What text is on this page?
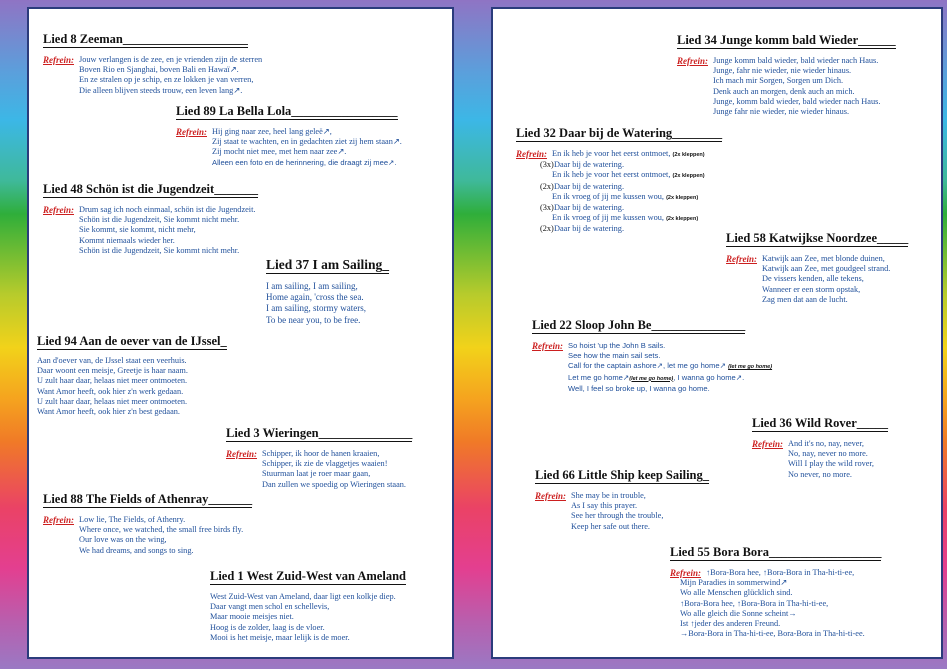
Lied 8 Zeeman____________________
Refrein: Jouw verlangen is de zee, en je vrienden zijn de sterren
Boven Rio en Sjanghai, boven Bali en Hawaï↗.
En ze stralen op je schip, en ze lokken je van verren,
Die alleen blijven steeds trouw, een leven lang↗.
Lied 89 La Bella Lola_________________
Refrein: Hij ging naar zee, heel lang geleë↗,
Zij staat te wachten, en in gedachten ziet zij hem staan↗.
Zij mocht niet mee, met hem naar zee↗.
Alleen een foto en de herinnering, die draagt zij mee↗.
Lied 48 Schön ist die Jugendzeit_______
Refrein: Drum sag ich noch einmaal, schön ist die Jugendzeit.
Schön ist die Jugendzeit, Sie kommt nicht mehr.
Sie kommt, sie kommt, nicht mehr,
Kommt niemaals wieder her.
Schön ist die Jugendzeit, Sie kommt nicht mehr.
Lied 37 I am Sailing_
I am sailing, I am sailing,
Home again, 'cross the sea.
I am sailing, stormy waters,
To be near you, to be free.
Lied 94 Aan de oever van de IJssel_
Aan d'oever van, de IJssel staat een veerhuis.
Daar woont een meisje, Greetje is haar naam.
U zult haar daar, helaas niet meer ontmoeten.
Want Amor heeft, ook hier z'n werk gedaan.
U zult haar daar, helaas niet meer ontmoeten.
Want Amor heeft, ook hier z'n best gedaan.
Lied 3 Wieringen_______________
Refrein: Schipper, ik hoor de hanen kraaien,
Schipper, ik zie de vlaggetjes waaien!
Stuurman laat je roer maar gaan,
Dan zullen we spoedig op Wieringen staan.
Lied 88 The Fields of Athenray_______
Refrein: Low lie, The Fields, of Athenry.
Where once, we watched, the small free birds fly.
Our love was on the wing,
We had dreams, and songs to sing.
Lied 1 West Zuid-West van Ameland
West Zuid-West van Ameland, daar ligt een kolkje diep.
Daar vangt men schol en schellevis,
Maar mooie meisjes niet.
Hoog is de zolder, laag is de vloer.
Mooi is het meisje, maar lelijk is de moer.
Lied 34 Junge komm bald Wieder______
Refrein: Junge komm bald wieder, bald wieder nach Haus.
Junge, fahr nie wieder, nie wieder hinaus.
Ich mach mir Sorgen, Sorgen um Dich.
Denk auch an morgen, denk auch an mich.
Junge, komm bald wieder, bald wieder nach Haus.
Junge fahr nie wieder, nie wieder hinaus.
Lied 32 Daar bij de Watering________
Refrein: En ik heb je voor het eerst ontmoet, (2x kleppen)
(3x)Daar bij de watering.
En ik heb je voor het eerst ontmoet, (2x kleppen)
(2x)Daar bij de watering.
En ik vroeg of jij me kussen wou, (2x kleppen)
(3x)Daar bij de watering.
En ik vroeg of jij me kussen wou, (2x kleppen)
(2x)Daar bij de watering.
Lied 58 Katwijkse Noordzee_____
Refrein: Katwijk aan Zee, met blonde duinen,
Katwijk aan Zee, met goudgeel strand.
De vissers kenden, alle tekens,
Wanneer er een storm opstak,
Zag men dat aan de lucht.
Lied 22 Sloop John Be_______________
Refrein: So hoist 'up the John B sails.
See how the main sail sets.
Call for the captain ashore↗, let me go home↗ (let me go home)
Let me go home↗(let me go home), I wanna go home↗.
Well, I feel so broke up, I wanna go home.
Lied 36 Wild Rover_____
Refrein: And it's no, nay, never,
No, nay, never no more.
Will I play the wild rover,
No never, no more.
Lied 66 Little Ship keep Sailing_
Refrein: She may be in trouble,
As I say this prayer.
See her through the trouble,
Keep her safe out there.
Lied 55 Bora Bora__________________
Refrein: ↑Bora-Bora hee, ↑Bora-Bora in Tha-hi-ti-ee,
Mijn Paradies in sommerwind↗
Wo alle Menschen glücklich sind.
↑Bora-Bora hee, ↑Bora-Bora in Tha-hi-ti-ee,
Wo alle gleich die Sonne scheint→
Ist ↑jeder des anderen Freund.
→Bora-Bora in Tha-hi-ti-ee, Bora-Bora in Tha-hi-ti-ee.
